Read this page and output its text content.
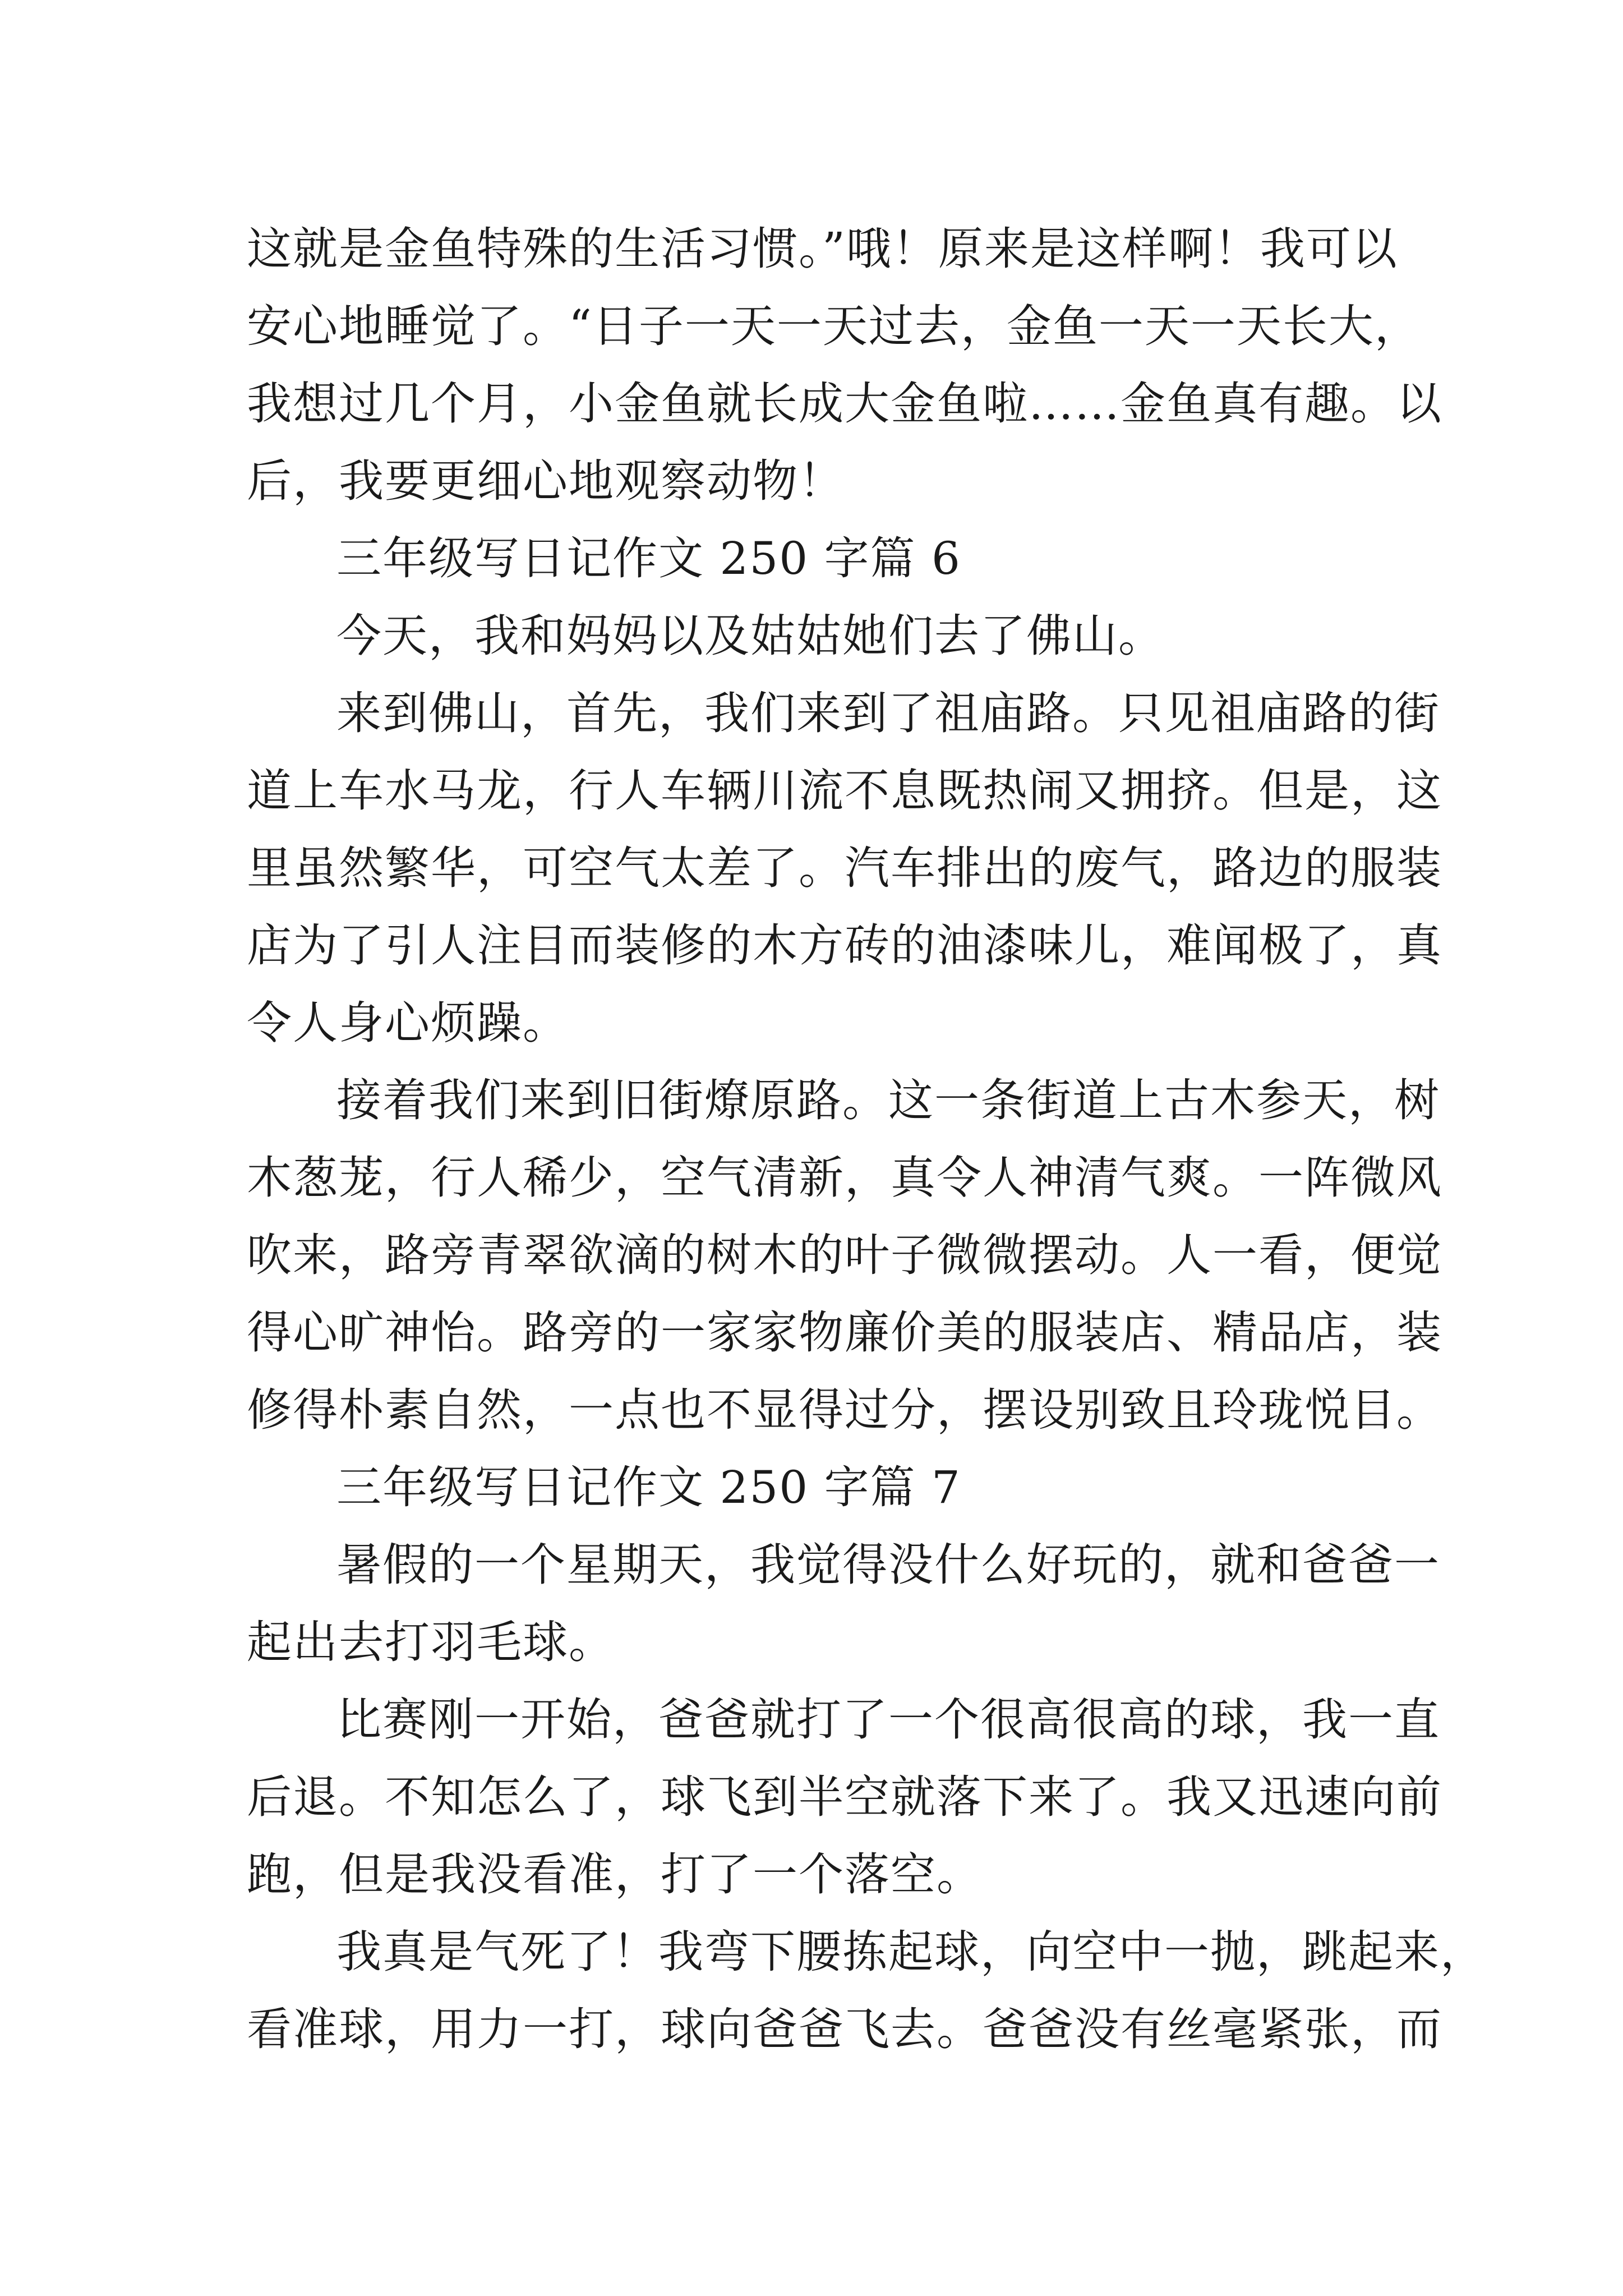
这就是金鱼特殊的生活习惯。”哦！原来是这样啊！我可以
安心地睡觉了。“日子一天一天过去，金鱼一天一天长大，
我想过几个月，小金鱼就长成大金鱼啦……金鱼真有趣。以
后，我要更细心地观察动物！
三年级写日记作文 250 字篇 6
今天，我和妈妈以及姑姑她们去了佛山。
来到佛山，首先，我们来到了祖庙路。只见祖庙路的街
道上车水马龙，行人车辆川流不息既热闹又拥挤。但是，这
里虽然繁华，可空气太差了。汽车排出的废气，路边的服装
店为了引人注目而装修的木方砖的油漆味儿，难闻极了，真
令人身心烦躁。
接着我们来到旧街燎原路。这一条街道上古木参天，树
木葱茏，行人稀少，空气清新，真令人神清气爽。一阵微风
吹来，路旁青翠欲滴的树木的叶子微微摆动。人一看，便觉
得心旷神怡。路旁的一家家物廉价美的服装店、精品店，装
修得朴素自然，一点也不显得过分，摆设别致且玲珑悦目。
三年级写日记作文 250 字篇 7
暑假的一个星期天，我觉得没什么好玩的，就和爸爸一
起出去打羽毛球。
比赛刚一开始，爸爸就打了一个很高很高的球，我一直
后退。不知怎么了，球飞到半空就落下来了。我又迅速向前
跑，但是我没看准，打了一个落空。
我真是气死了！我弯下腰拣起球，向空中一抛，跳起来，
看准球，用力一打，球向爸爸飞去。爸爸没有丝毫紧张，而
